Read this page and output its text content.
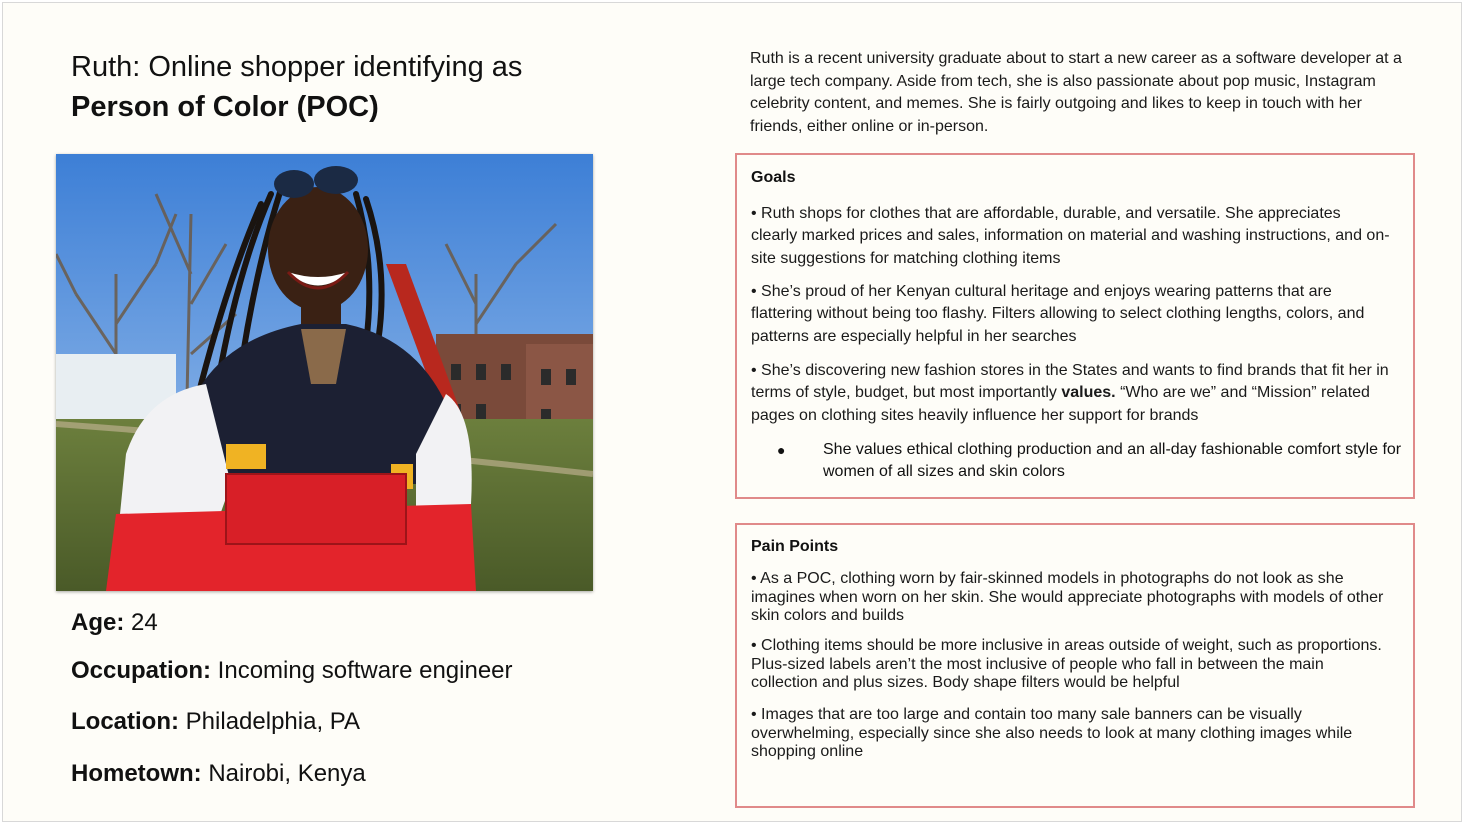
Ruth: Online shopper identifying as
Person of Color (POC)
Age: 24
Occupation: Incoming software engineer
Location: Philadelphia, PA
Hometown: Nairobi, Kenya
Ruth is a recent university graduate about to start a new career as a software developer at a large tech company. Aside from tech, she is also passionate about pop music, Instagram celebrity content, and memes. She is fairly outgoing and likes to keep in touch with her friends, either online or in-person.
Goals
• Ruth shops for clothes that are affordable, durable, and versatile. She appreciates clearly marked prices and sales, information on material and washing instructions, and on-site suggestions for matching clothing items
• She’s proud of her Kenyan cultural heritage and enjoys wearing patterns that are flattering without being too flashy. Filters allowing to select clothing lengths, colors, and patterns are especially helpful in her searches
• She’s discovering new fashion stores in the States and wants to find brands that fit her in terms of style, budget, but most importantly values. “Who are we” and “Mission” related pages on clothing sites heavily influence her support for brands
●	She values ethical clothing production and an all-day fashionable comfort style for women of all sizes and skin colors
Pain Points
• As a POC, clothing worn by fair-skinned models in photographs do not look as she imagines when worn on her skin. She would appreciate photographs with models of other skin colors and builds
• Clothing items should be more inclusive in areas outside of weight, such as proportions. Plus-sized labels aren’t the most inclusive of people who fall in between the main collection and plus sizes. Body shape filters would be helpful
• Images that are too large and contain too many sale banners can be visually overwhelming, especially since she also needs to look at many clothing images while shopping online
